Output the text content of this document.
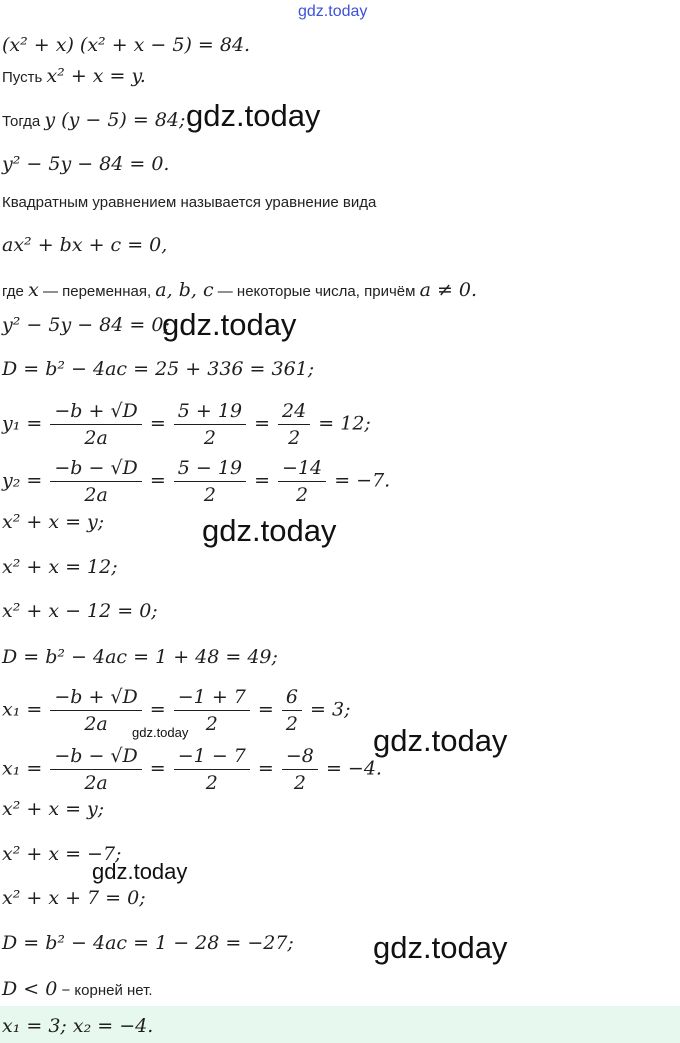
gdz.today
gdz.today
gdz.today
gdz.today
gdz.today
gdz.today
gdz.today
gdz.today
(x² + x) (x² + x − 5) = 84.
Пусть x² + x = y.
Тогда y (y − 5) = 84;
y² − 5y − 84 = 0.
Квадратным уравнением называется уравнение вида
ax² + bx + c = 0,
где x — переменная, a, b, c — некоторые числа, причём a ≠ 0.
y² − 5y − 84 = 0;
D = b² − 4ac = 25 + 336 = 361;
$y_1 = \frac{-b + √D}{2a} = \frac{5 + 19}{2} = \frac{24}{2} = 12$;
$y_2 = \frac{-b - √D}{2a} = \frac{5 - 19}{2} = \frac{-14}{2} = -7$.
x² + x = y;
x² + x = 12;
x² + x − 12 = 0;
D = b² − 4ac = 1 + 48 = 49;
$x_1 = \frac{-b + √D}{2a} = \frac{-1 + 7}{2} = \frac{6}{2} = 3$;
$x_1 = \frac{-b - √D}{2a} = \frac{-1 - 7}{2} = \frac{-8}{2} = -4$.
x² + x = y;
x² + x = −7;
x² + x + 7 = 0;
D = b² − 4ac = 1 − 28 = −27;
D < 0 − корней нет.
x₁ = 3; x₂ = −4.
